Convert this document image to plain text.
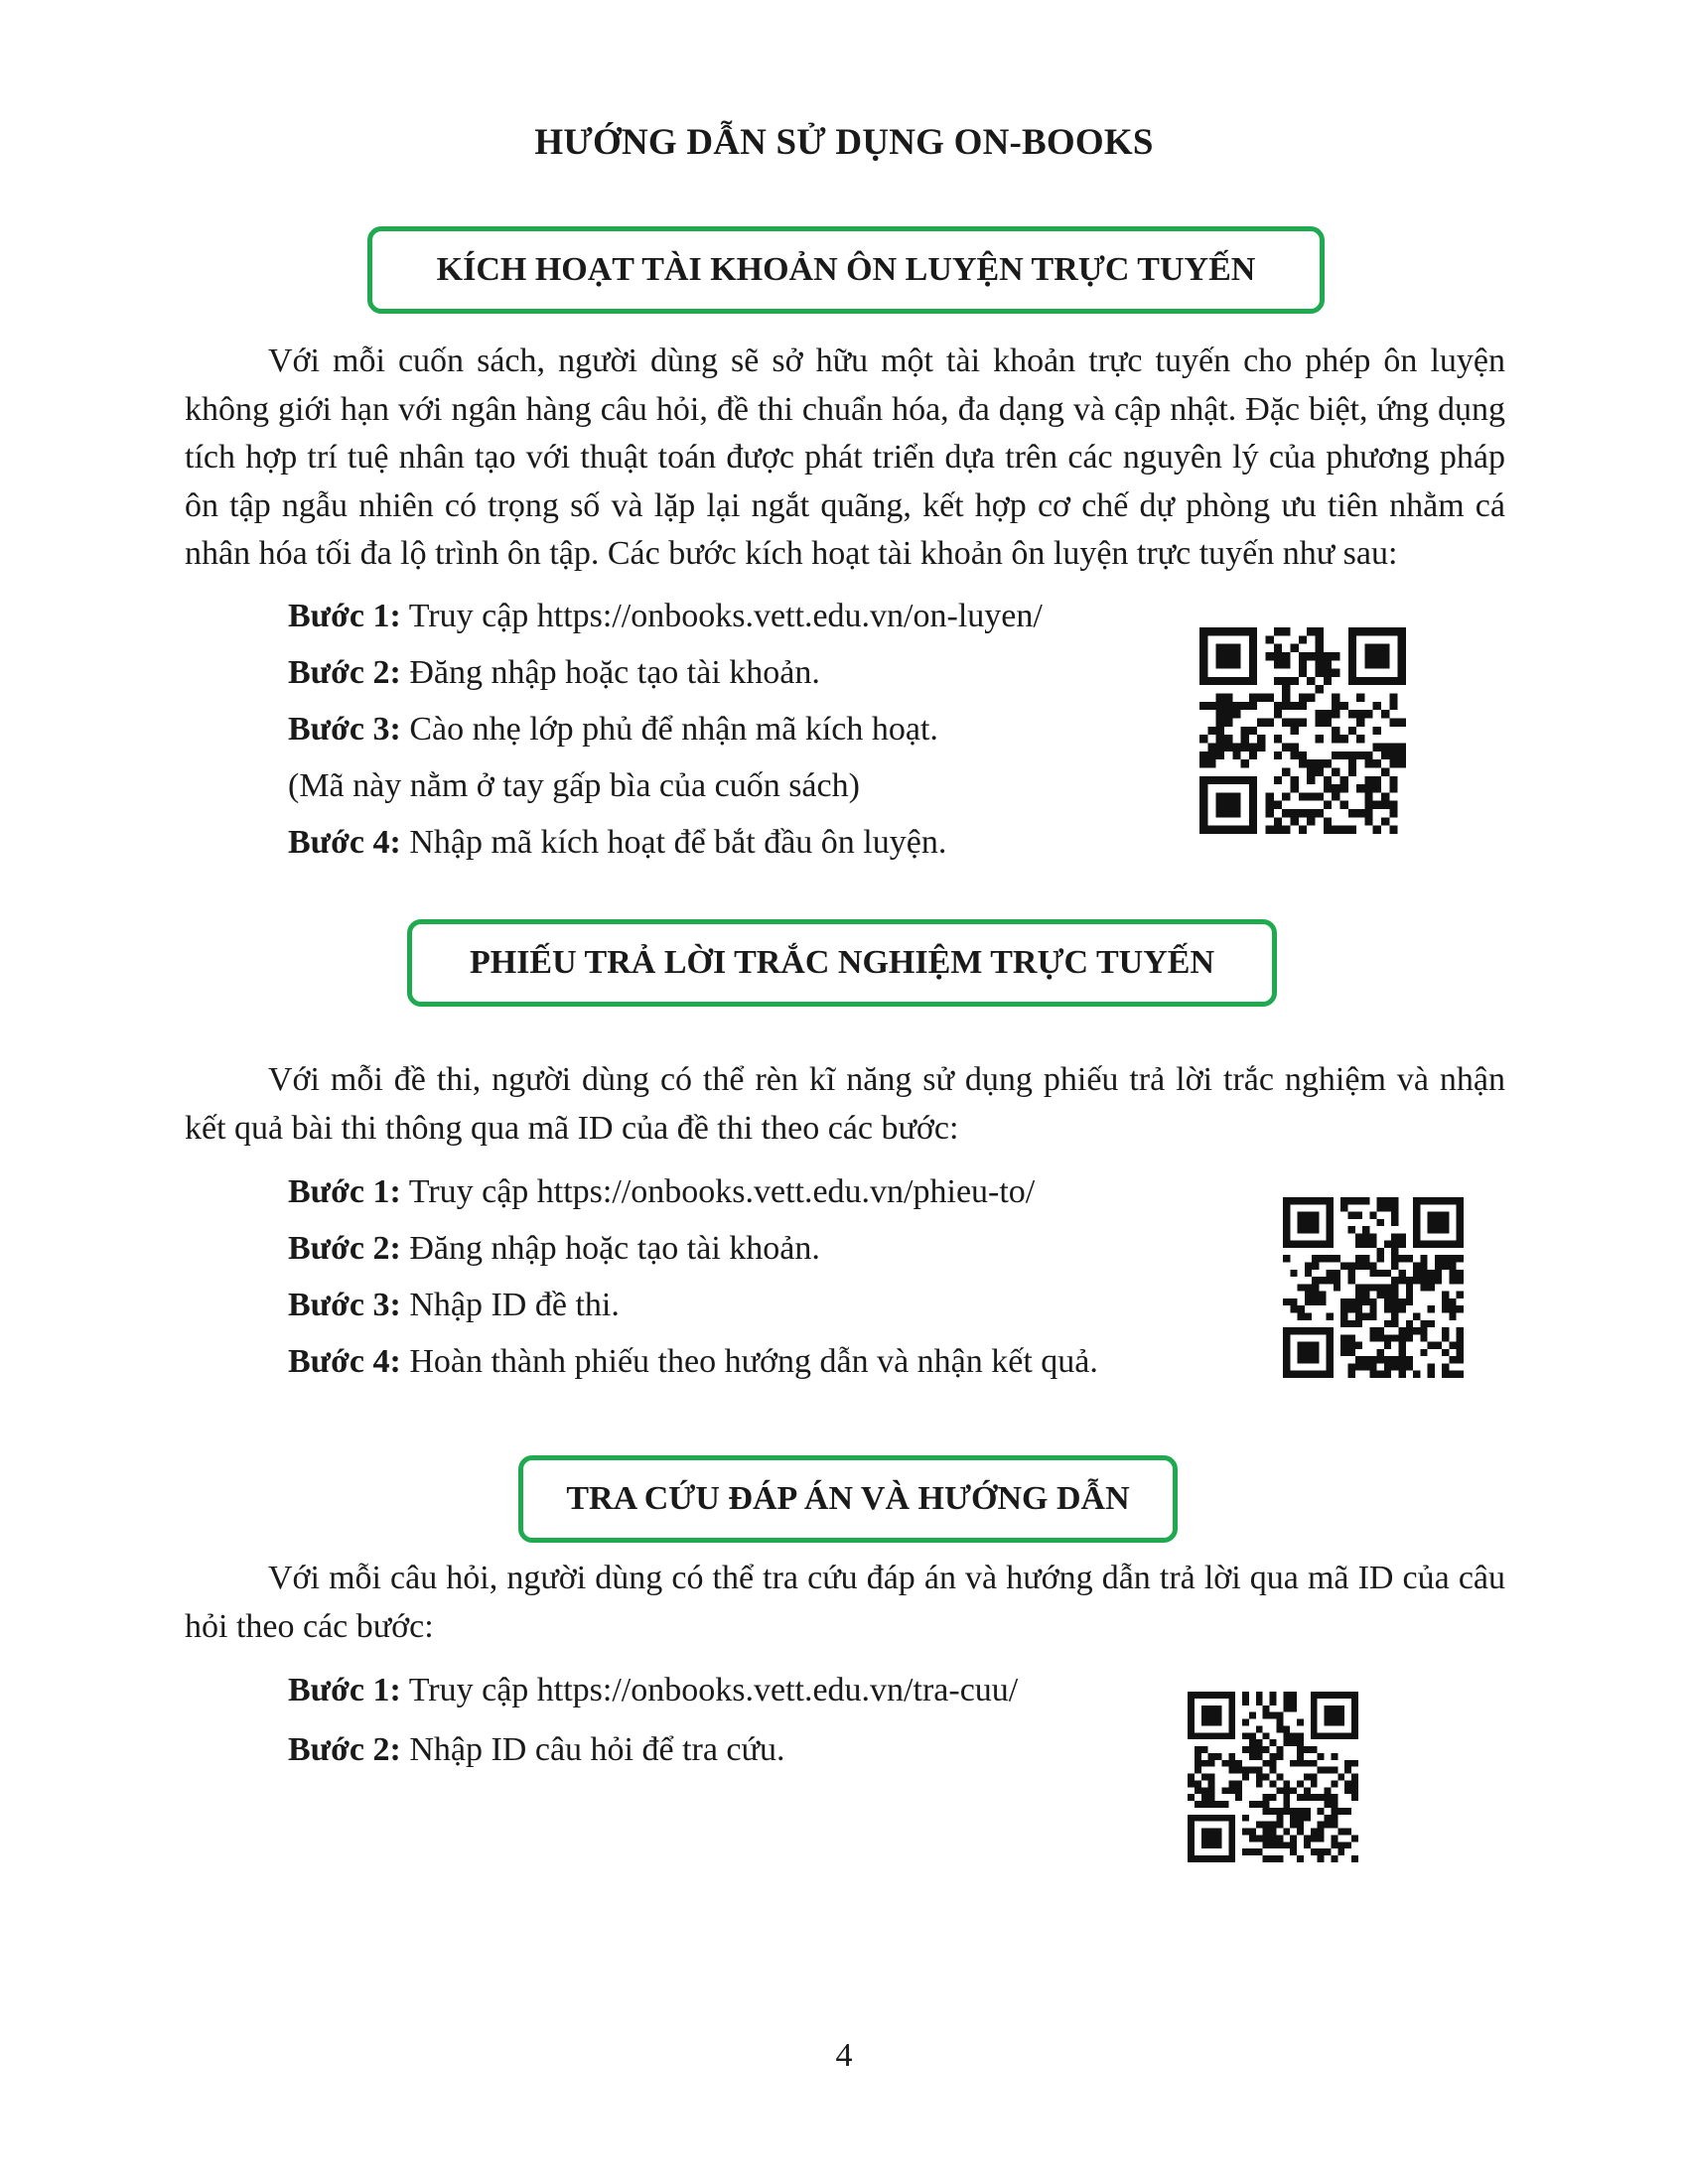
HƯỚNG DẪN SỬ DỤNG ON-BOOKS
KÍCH HOẠT TÀI KHOẢN ÔN LUYỆN TRỰC TUYẾN

Với mỗi cuốn sách, người dùng sẽ sở hữu một tài khoản trực tuyến cho phép ôn luyện không giới hạn với ngân hàng câu hỏi, đề thi chuẩn hóa, đa dạng và cập nhật. Đặc biệt, ứng dụng tích hợp trí tuệ nhân tạo với thuật toán được phát triển dựa trên các nguyên lý của phương pháp ôn tập ngẫu nhiên có trọng số và lặp lại ngắt quãng, kết hợp cơ chế dự phòng ưu tiên nhằm cá nhân hóa tối đa lộ trình ôn tập. Các bước kích hoạt tài khoản ôn luyện trực tuyến như sau:

Bước 1: Truy cập https://onbooks.vett.edu.vn/on-luyen/

Bước 2: Đăng nhập hoặc tạo tài khoản.

Bước 3: Cào nhẹ lớp phủ để nhận mã kích hoạt.

(Mã này nằm ở tay gấp bìa của cuốn sách)

Bước 4: Nhập mã kích hoạt để bắt đầu ôn luyện.

PHIẾU TRẢ LỜI TRẮC NGHIỆM TRỰC TUYẾN

Với mỗi đề thi, người dùng có thể rèn kĩ năng sử dụng phiếu trả lời trắc nghiệm và nhận kết quả bài thi thông qua mã ID của đề thi theo các bước:

Bước 1: Truy cập https://onbooks.vett.edu.vn/phieu-to/

Bước 2: Đăng nhập hoặc tạo tài khoản.

Bước 3: Nhập ID đề thi.

Bước 4: Hoàn thành phiếu theo hướng dẫn và nhận kết quả.

TRA CỨU ĐÁP ÁN VÀ HƯỚNG DẪN

Với mỗi câu hỏi, người dùng có thể tra cứu đáp án và hướng dẫn trả lời qua mã ID của câu hỏi theo các bước:

Bước 1: Truy cập https://onbooks.vett.edu.vn/tra-cuu/

Bước 2: Nhập ID câu hỏi để tra cứu.

4
